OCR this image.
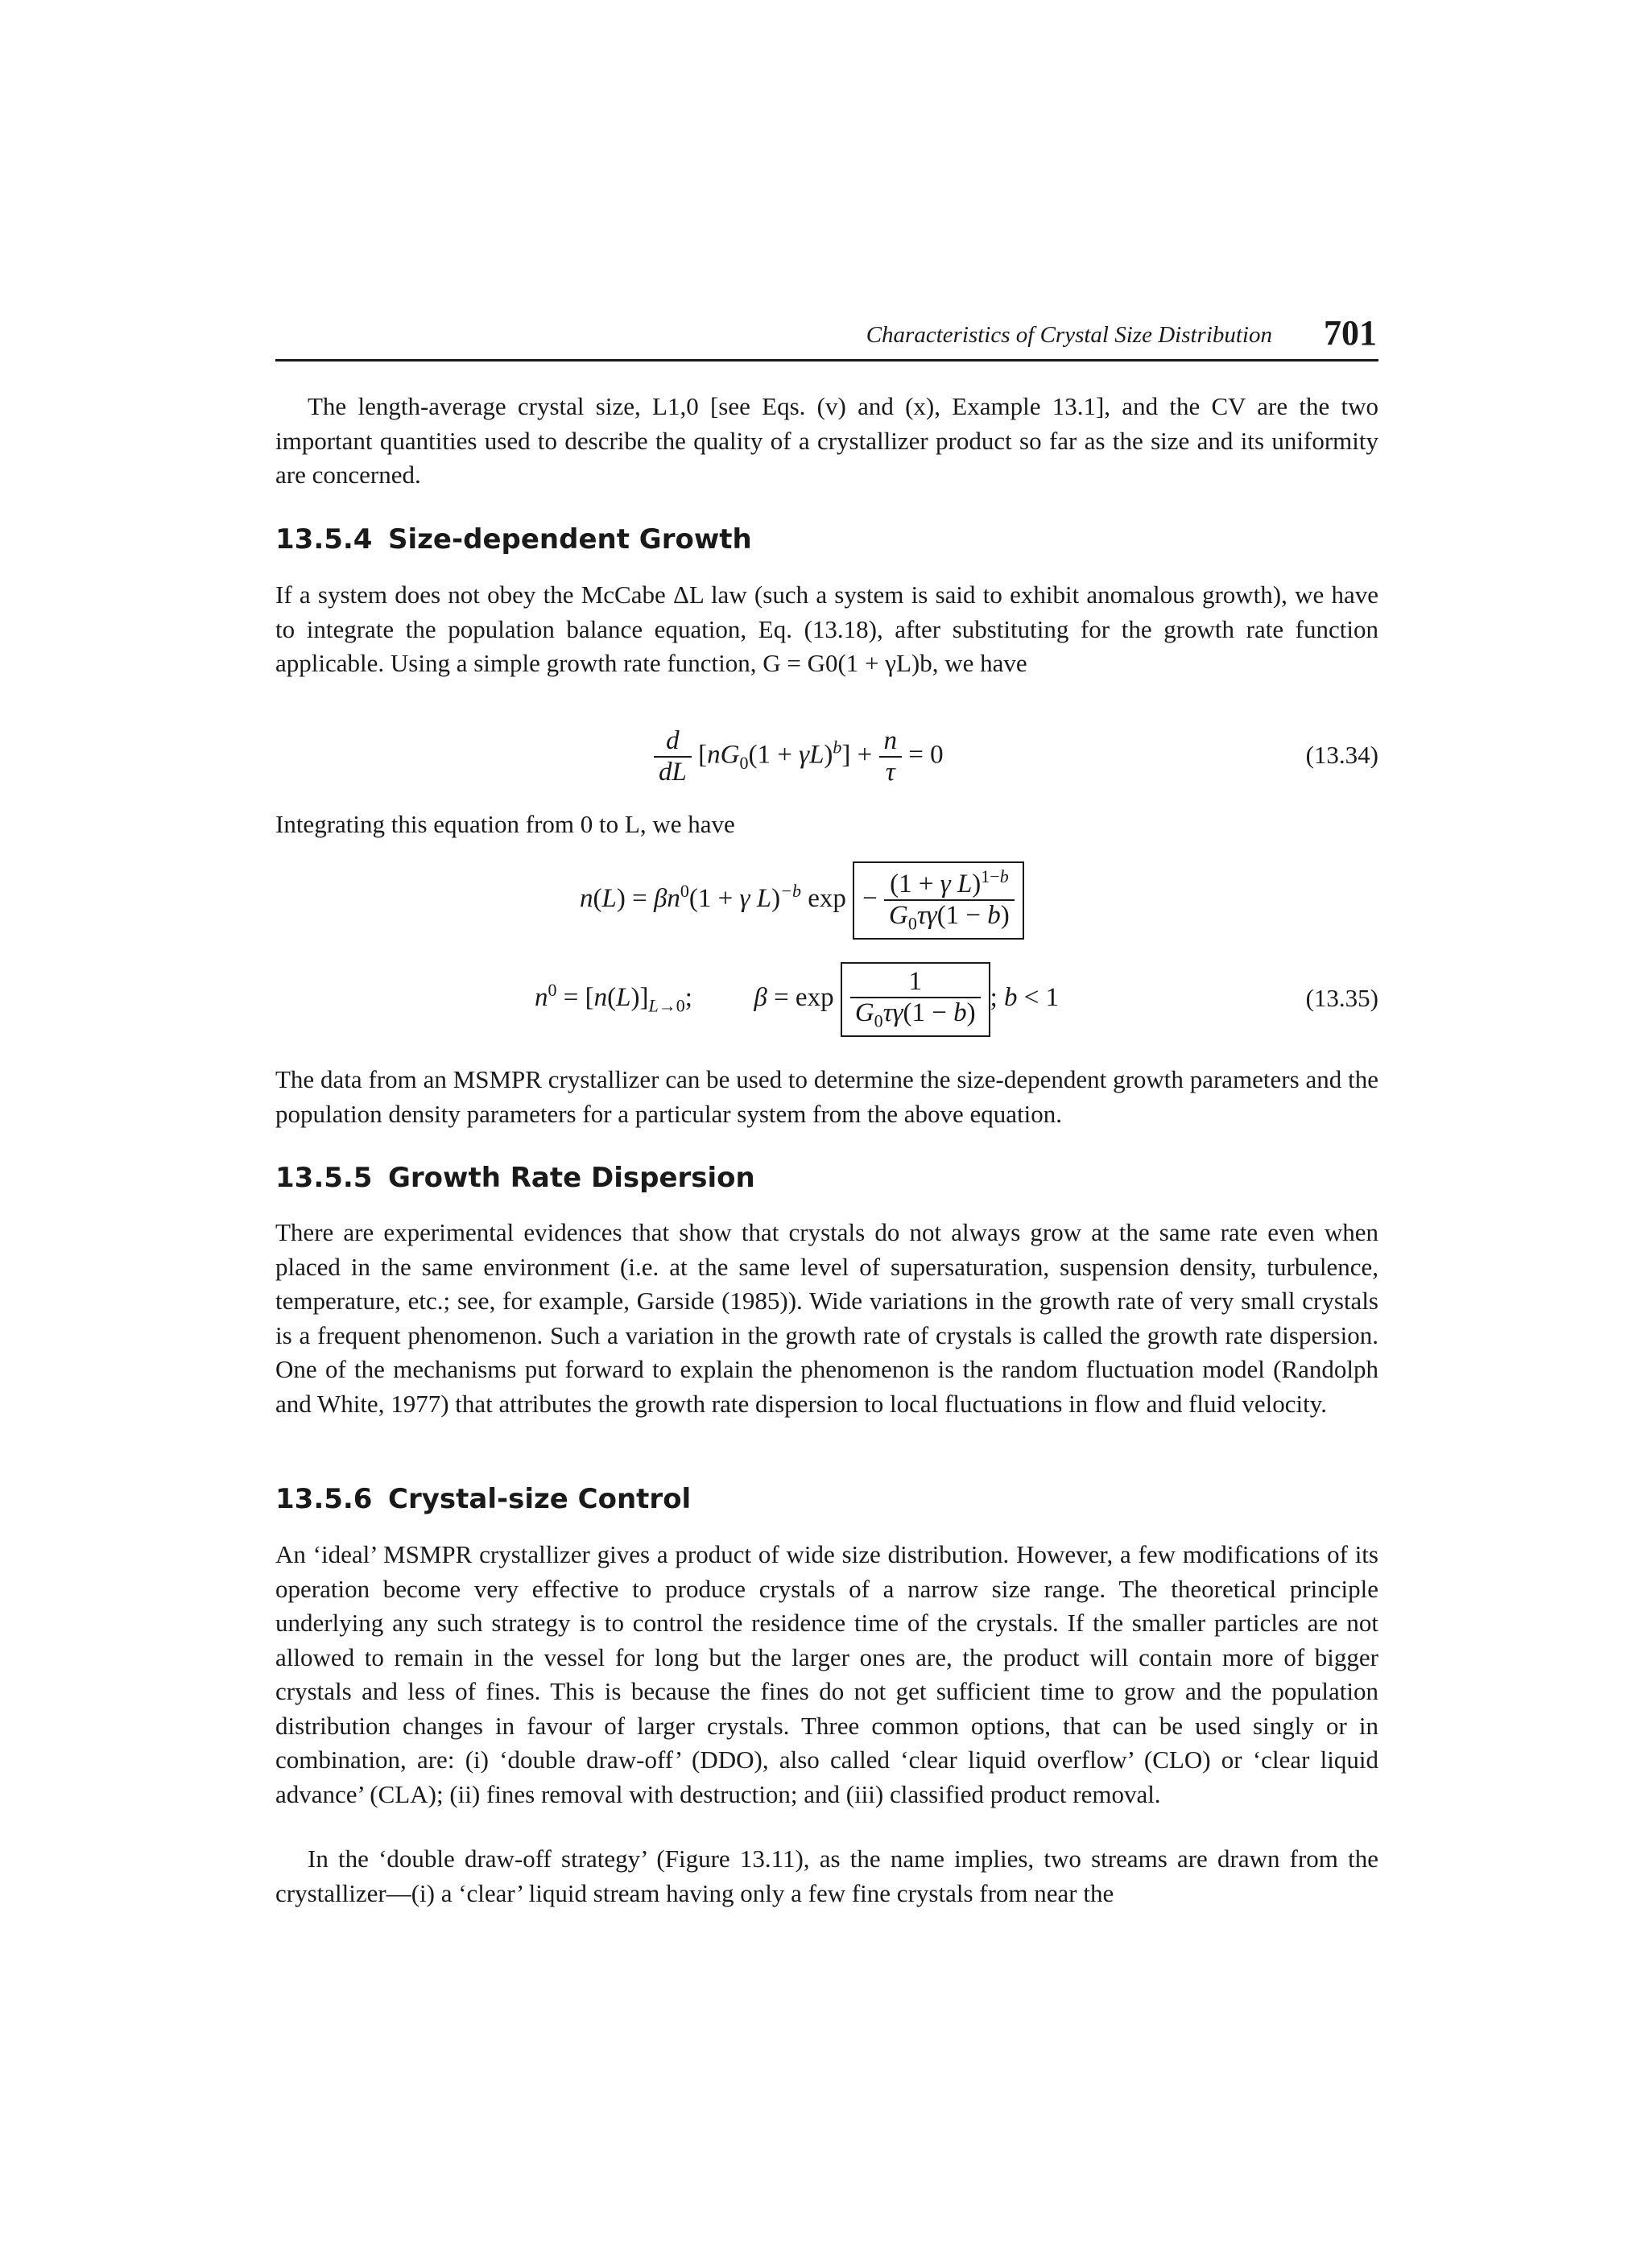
Characteristics of Crystal Size Distribution 701

The length-average crystal size, L1,0 [see Eqs. (v) and (x), Example 13.1], and the CV are the two important quantities used to describe the quality of a crystallizer product so far as the size and its uniformity are concerned.

13.5.4 Size-dependent Growth

If a system does not obey the McCabe ΔL law (such a system is said to exhibit anomalous growth), we have to integrate the population balance equation, Eq. (13.18), after substituting for the growth rate function applicable. Using a simple growth rate function, G = G0(1 + γL)b, we have

$\frac{d}{dL} [nG_0(1 + \gamma L)^b] + \frac{n}{\tau} = 0$	(13.34)

Integrating this equation from 0 to L, we have

$n(L) = \beta n^0(1 + \gamma$ L)$^{-b}$ $\exp - \frac{(1 + \gamma L)^{1-b}}{G_0\tau\gamma(1 - b)}$
$n^0 = [n(L)]_{L\to 0}$;  $\beta = \exp \frac{1}{G_0\tau\gamma(1 - b)}$ ; b < 1	(13.35)

The data from an MSMPR crystallizer can be used to determine the size-dependent growth parameters and the population density parameters for a particular system from the above equation.

13.5.5 Growth Rate Dispersion

There are experimental evidences that show that crystals do not always grow at the same rate even when placed in the same environment (i.e. at the same level of supersaturation, suspension density, turbulence, temperature, etc.; see, for example, Garside (1985)). Wide variations in the growth rate of very small crystals is a frequent phenomenon. Such a variation in the growth rate of crystals is called the growth rate dispersion. One of the mechanisms put forward to explain the phenomenon is the random fluctuation model (Randolph and White, 1977) that attributes the growth rate dispersion to local fluctuations in flow and fluid velocity.

13.5.6 Crystal-size Control

An ‘ideal’ MSMPR crystallizer gives a product of wide size distribution. However, a few modifications of its operation become very effective to produce crystals of a narrow size range. The theoretical principle underlying any such strategy is to control the residence time of the crystals. If the smaller particles are not allowed to remain in the vessel for long but the larger ones are, the product will contain more of bigger crystals and less of fines. This is because the fines do not get sufficient time to grow and the population distribution changes in favour of larger crystals. Three common options, that can be used singly or in combination, are: (i) ‘double draw-off’ (DDO), also called ‘clear liquid overflow’ (CLO) or ‘clear liquid advance’ (CLA); (ii) fines removal with destruction; and (iii) classified product removal.

In the ‘double draw-off strategy’ (Figure 13.11), as the name implies, two streams are drawn from the crystallizer—(i) a ‘clear’ liquid stream having only a few fine crystals from near the
